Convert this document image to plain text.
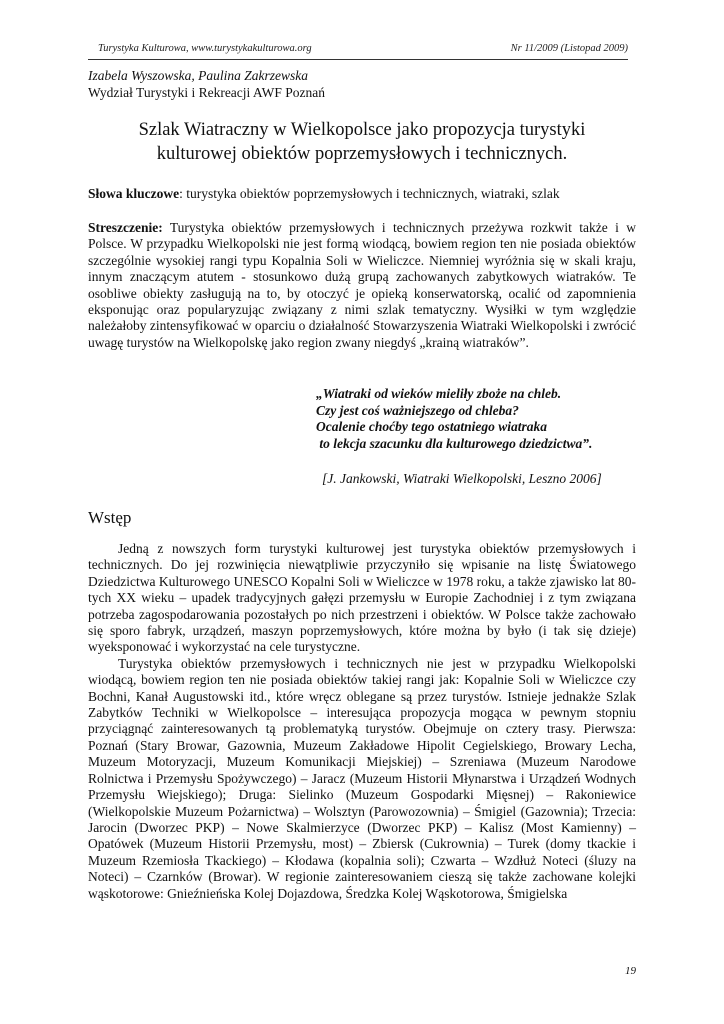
Turystyka Kulturowa, www.turystykakulturowa.org	Nr 11/2009 (Listopad 2009)
Izabela Wyszowska, Paulina Zakrzewska
Wydział Turystyki i Rekreacji AWF Poznań
Szlak Wiatraczny w Wielkopolsce jako propozycja turystyki
kulturowej obiektów poprzemysłowych i technicznych.
Słowa kluczowe: turystyka obiektów poprzemysłowych i technicznych, wiatraki, szlak
Streszczenie: Turystyka obiektów przemysłowych i technicznych przeżywa rozkwit także i w Polsce. W przypadku Wielkopolski nie jest formą wiodącą, bowiem region ten nie posiada obiektów szczególnie wysokiej rangi typu Kopalnia Soli w Wieliczce. Niemniej wyróżnia się w skali kraju, innym znaczącym atutem - stosunkowo dużą grupą zachowanych zabytkowych wiatraków. Te osobliwe obiekty zasługują na to, by otoczyć je opieką konserwatorską, ocalić od zapomnienia eksponując oraz popularyzując związany z nimi szlak tematyczny. Wysiłki w tym względzie należałoby zintensyfikować w oparciu o działalność Stowarzyszenia Wiatraki Wielkopolski i zwrócić uwagę turystów na Wielkopolskę jako region zwany niegdyś „krainą wiatraków”.
„Wiatraki od wieków mieliły zboże na chleb.
Czy jest coś ważniejszego od chleba?
Ocalenie choćby tego ostatniego wiatraka
to lekcja szacunku dla kulturowego dziedzictwa”.
[J. Jankowski, Wiatraki Wielkopolski, Leszno 2006]
Wstęp

Jedną z nowszych form turystyki kulturowej jest turystyka obiektów przemysłowych i technicznych. Do jej rozwinięcia niewątpliwie przyczyniło się wpisanie na listę Światowego Dziedzictwa Kulturowego UNESCO Kopalni Soli w Wieliczce w 1978 roku, a także zjawisko lat 80-tych XX wieku – upadek tradycyjnych gałęzi przemysłu w Europie Zachodniej i z tym związana potrzeba zagospodarowania pozostałych po nich przestrzeni i obiektów. W Polsce także zachowało się sporo fabryk, urządzeń, maszyn poprzemysłowych, które można by było (i tak się dzieje) wyeksponować i wykorzystać na cele turystyczne.

Turystyka obiektów przemysłowych i technicznych nie jest w przypadku Wielkopolski wiodącą, bowiem region ten nie posiada obiektów takiej rangi jak: Kopalnie Soli w Wieliczce czy Bochni, Kanał Augustowski itd., które wręcz oblegane są przez turystów. Istnieje jednakże Szlak Zabytków Techniki w Wielkopolsce – interesująca propozycja mogąca w pewnym stopniu przyciągnąć zainteresowanych tą problematyką turystów. Obejmuje on cztery trasy. Pierwsza: Poznań (Stary Browar, Gazownia, Muzeum Zakładowe Hipolit Cegielskiego, Browary Lecha, Muzeum Motoryzacji, Muzeum Komunikacji Miejskiej) – Szreniawa (Muzeum Narodowe Rolnictwa i Przemysłu Spożywczego) – Jaracz (Muzeum Historii Młynarstwa i Urządzeń Wodnych Przemysłu Wiejskiego); Druga: Sielinko (Muzeum Gospodarki Mięsnej) – Rakoniewice (Wielkopolskie Muzeum Pożarnictwa) – Wolsztyn (Parowozownia) – Śmigiel (Gazownia); Trzecia: Jarocin (Dworzec PKP) – Nowe Skalmierzyce (Dworzec PKP) – Kalisz (Most Kamienny) – Opatówek (Muzeum Historii Przemysłu, most) – Zbiersk (Cukrownia) – Turek (domy tkackie i Muzeum Rzemiosła Tkackiego) – Kłodawa (kopalnia soli); Czwarta – Wzdłuż Noteci (śluzy na Noteci) – Czarnków (Browar). W regionie zainteresowaniem cieszą się także zachowane kolejki wąskotorowe: Gnieźnieńska Kolej Dojazdowa, Średzka Kolej Wąskotorowa, Śmigielska

19
